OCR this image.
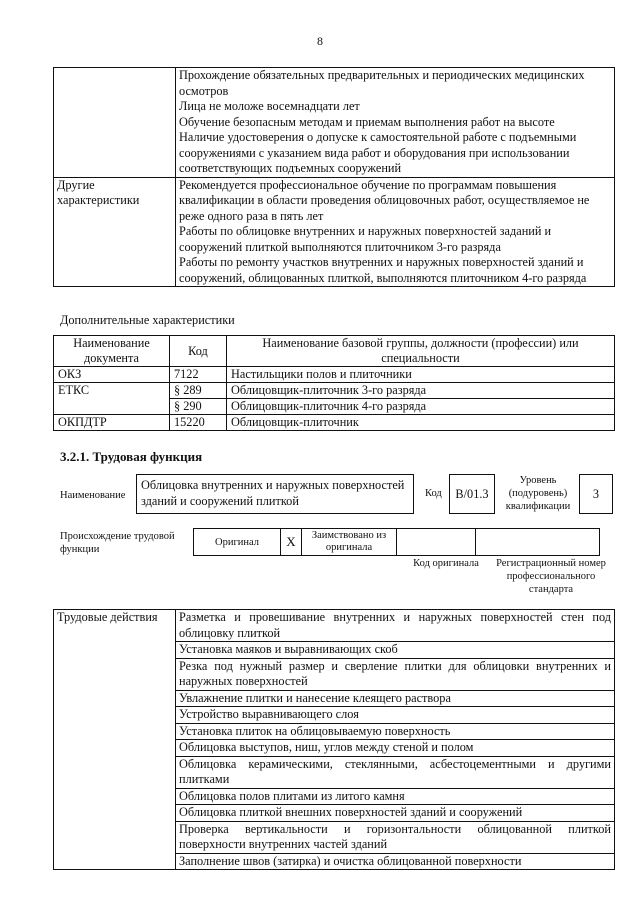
8

	Прохождение обязательных предварительных и периодических медицинских осмотров

Лица не моложе восемнадцати лет

Обучение безопасным методам и приемам выполнения работ на высоте

Наличие удостоверения о допуске к самостоятельной работе с подъемными сооружениями с указанием вида работ и оборудования при использовании соответствующих подъемных сооружений

Другие характеристики	Рекомендуется профессиональное обучение по программам повышения квалификации в области проведения облицовочных работ, осуществляемое не реже одного раза в пять лет

Работы по облицовке внутренних и наружных поверхностей заданий и сооружений плиткой выполняются плиточником 3-го разряда

Работы по ремонту участков внутренних и наружных поверхностей зданий и сооружений, облицованных плиткой, выполняются плиточником 4-го разряда

Дополнительные характеристики
Наименование документа	Код	Наименование базовой группы, должности (профессии) или специальности
ОКЗ	7122	Настильщики полов и плиточники
ЕТКС	§ 289	Облицовщик-плиточник 3-го разряда
	§ 290	Облицовщик-плиточник 4-го разряда
ОКПДТР	15220	Облицовщик-плиточник
3.2.1. Трудовая функция
Наименование
Облицовка внутренних и наружных поверхностей зданий и сооружений плиткой
Код	B/01.3
Уровень (подуровень) квалификации
3
Происхождение трудовой функции
Оригинал	X	Заимствовано из оригинала		
Код оригинала	Регистрационный номер профессионального стандарта
Трудовые действия	Разметка и провешивание внутренних и наружных поверхностей стен под облицовку плиткой
Установка маяков и выравнивающих скоб
Резка под нужный размер и сверление плитки для облицовки внутренних и наружных поверхностей
Увлажнение плитки и нанесение клеящего раствора
Устройство выравнивающего слоя
Установка плиток на облицовываемую поверхность
Облицовка выступов, ниш, углов между стеной и полом
Облицовка керамическими, стеклянными, асбестоцементными и другими плитками
Облицовка полов плитами из литого камня
Облицовка плиткой внешних поверхностей зданий и сооружений
Проверка вертикальности и горизонтальности облицованной плиткой поверхности внутренних частей зданий
Заполнение швов (затирка) и очистка облицованной поверхности
